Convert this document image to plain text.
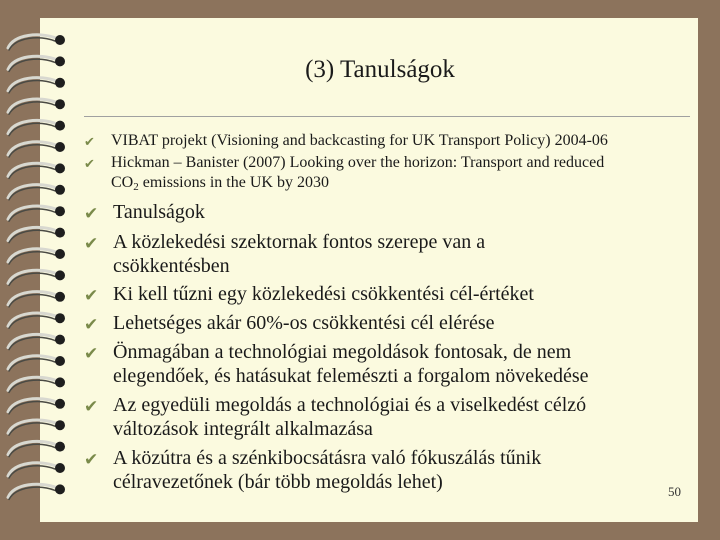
(3) Tanulságok
✔	VIBAT projekt (Visioning and backcasting for UK Transport Policy) 2004-06
✔	Hickman – Banister (2007) Looking over the horizon: Transport and reduced
$CO_2$ emissions in the UK by 2030
✔ Tanulságok
✔ A közlekedési szektornak fontos szerepe van a
csökkentésben
✔ Ki kell tűzni egy közlekedési csökkentési cél-értéket
✔ Lehetséges akár 60%-os csökkentési cél elérése
✔ Önmagában a technológiai megoldások fontosak, de nem
elegendőek, és hatásukat felemészti a forgalom növekedése
✔ Az egyedüli megoldás a technológiai és a viselkedést célzó
változások integrált alkalmazása
✔ A közútra és a szénkibocsátásra való fókuszálás tűnik
célravezetőnek (bár több megoldás lehet)	50
